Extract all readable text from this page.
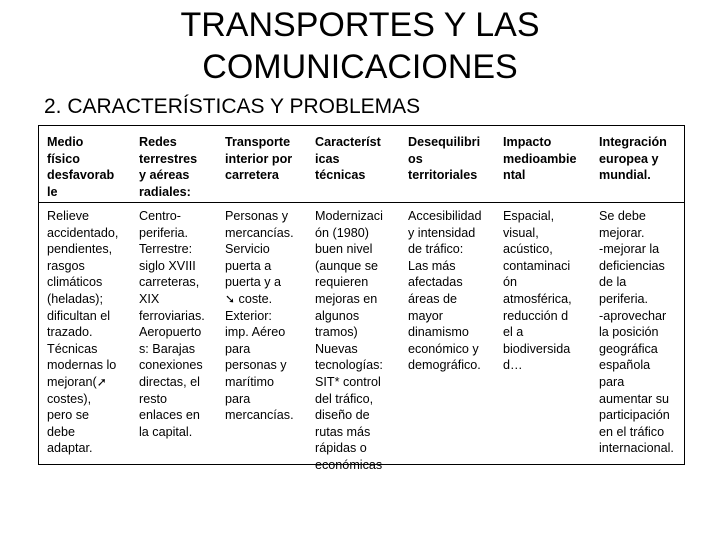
TRANSPORTES Y LAS
COMUNICACIONES
2. CARACTERÍSTICAS Y PROBLEMAS
Medio
físico
desfavorab
le
Redes
terrestres
y aéreas
radiales:
Transporte
interior por
carretera
Característ
icas
técnicas
Desequilibri
os
territoriales
Impacto
medioambie
ntal
Integración
europea y
mundial.
Relieve
accidentado,
pendientes,
rasgos
climáticos
(heladas);
dificultan el
trazado.
Técnicas
modernas lo
mejoran(➚
costes),
pero se
debe
adaptar.
Centro-
periferia.
Terrestre:
siglo XVIII
carreteras,
XIX
ferroviarias.
Aeropuerto
s: Barajas
conexiones
directas, el
resto
enlaces en
la capital.
Personas y
mercancías.
Servicio
puerta a
puerta y a
➘ coste.
Exterior:
imp. Aéreo
para
personas y
marítimo
para
mercancías.
Modernizaci
ón (1980)
buen nivel
(aunque se
requieren
mejoras en
algunos
tramos)
Nuevas
tecnologías:
SIT* control
del tráfico,
diseño de
rutas más
rápidas o
económicas
Accesibilidad
y intensidad
de tráfico:
Las más
afectadas
áreas de
mayor
dinamismo
económico y
demográfico.
Espacial,
visual,
acústico,
contaminaci
ón
atmosférica,
reducción d
el a
biodiversida
d…
Se debe
mejorar.
-mejorar la
deficiencias
de la
periferia.
-aprovechar
la posición
geográfica
española
para
aumentar su
participación
en el tráfico
internacional.
